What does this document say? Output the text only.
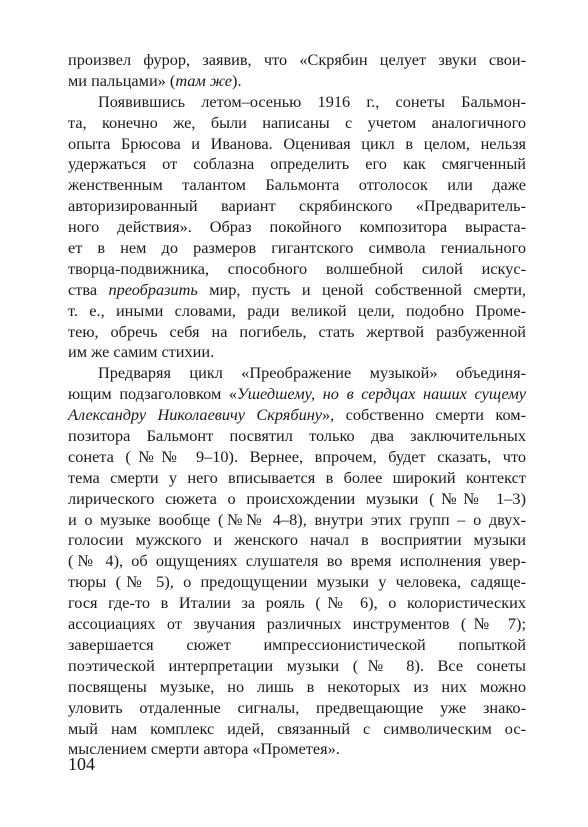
произвел фурор, заявив, что «Скрябин целует звуки свои-
ми пальцами» (там же).
Появившись летом–осенью 1916 г., сонеты Бальмон-
та, конечно же, были написаны с учетом аналогичного
опыта Брюсова и Иванова. Оценивая цикл в целом, нельзя
удержаться от соблазна определить его как смягченный
женственным талантом Бальмонта отголосок или даже
авторизированный вариант скрябинского «Предваритель-
ного действия». Образ покойного композитора вырастa-
ет в нем до размеров гигантского символа гениального
творца-подвижника, способного волшебной силой искус-
ства преобразить мир, пусть и ценой собственной смерти,
т. е., иными словами, ради великой цели, подобно Проме-
тею, обречь себя на погибель, стать жертвой разбуженной
им же самим стихии.
Предваряя цикл «Преображение музыкой» объединя-
ющим подзаголовком «Ушедшему, но в сердцах наших сущему
Александру Николаевичу Скрябину», собственно смерти ком-
позитора Бальмонт посвятил только два заключительных
сонета (№№ 9–10). Вернее, впрочем, будет сказать, что
тема смерти у него вписывается в более широкий контекст
лирического сюжета о происхождении музыки (№№ 1–3)
и о музыке вообще (№№ 4–8), внутри этих групп – о двух-
голосии мужского и женского начал в восприятии музыки
(№ 4), об ощущениях слушателя во время исполнения увер-
тюры (№ 5), о предощущении музыки у человека, садяще-
гося где-то в Италии за рояль (№ 6), о колористических
ассоциациях от звучания различных инструментов (№ 7);
завершается сюжет импрессионистической попыткой
поэтической интерпретации музыки (№ 8). Все сонеты
посвящены музыке, но лишь в некоторых из них можно
уловить отдаленные сигналы, предвещающие уже знако-
мый нам комплекс идей, связанный с символическим ос-
мыслением смерти автора «Прометея».
104
